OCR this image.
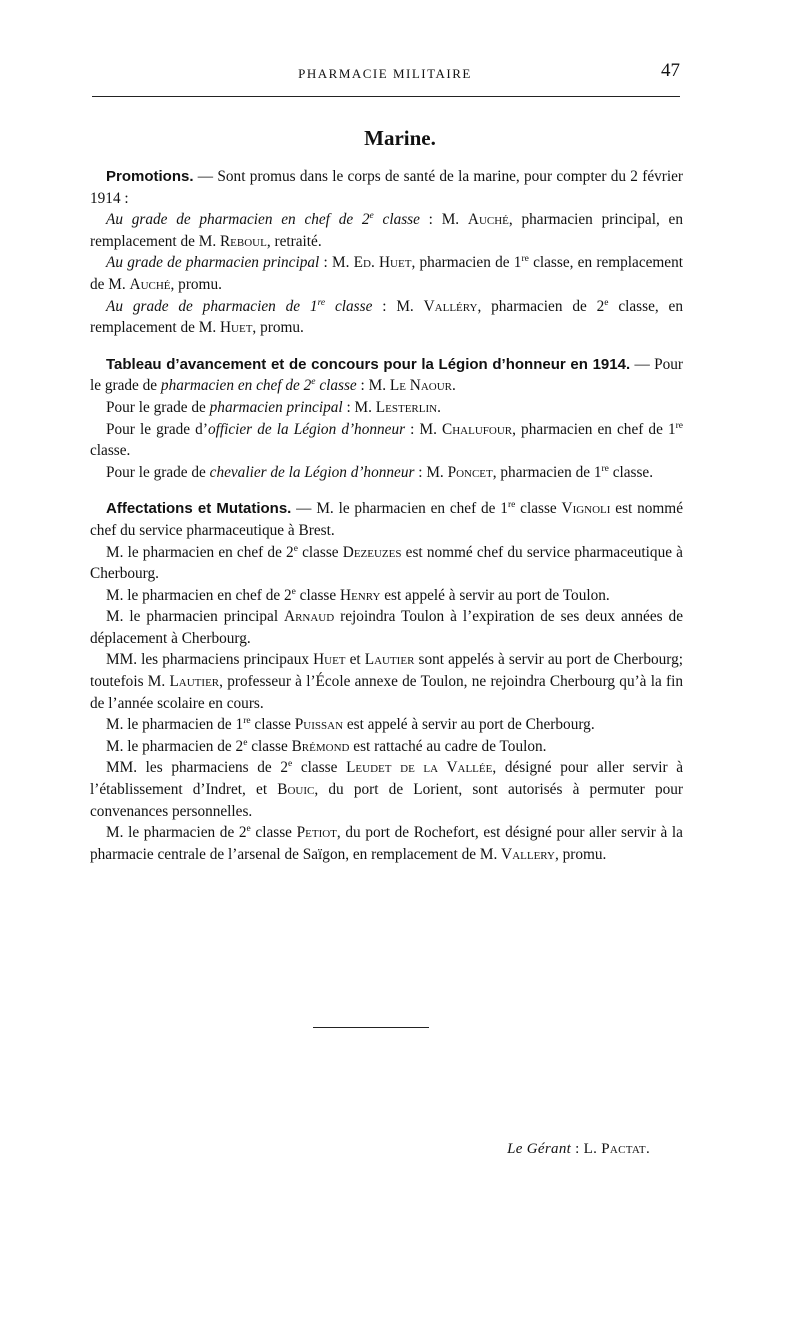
PHARMACIE MILITAIRE	47
Marine.

Promotions. — Sont promus dans le corps de santé de la marine, pour compter du 2 février 1914 :

Au grade de pharmacien en chef de 2e classe : M. Auché, pharmacien principal, en remplacement de M. Reboul, retraité.

Au grade de pharmacien principal : M. Ed. Huet, pharmacien de 1re classe, en remplacement de M. Auché, promu.

Au grade de pharmacien de 1re classe : M. Valléry, pharmacien de 2e classe, en remplacement de M. Huet, promu.

Tableau d’avancement et de concours pour la Légion d’honneur en 1914. — Pour le grade de pharmacien en chef de 2e classe : M. Le Naour.

Pour le grade de pharmacien principal : M. Lesterlin.

Pour le grade d’officier de la Légion d’honneur : M. Chalufour, pharmacien en chef de 1re classe.

Pour le grade de chevalier de la Légion d’honneur : M. Poncet, pharmacien de 1re classe.

Affectations et Mutations. — M. le pharmacien en chef de 1re classe Vignoli est nommé chef du service pharmaceutique à Brest.

M. le pharmacien en chef de 2e classe Dezeuzes est nommé chef du service pharmaceutique à Cherbourg.

M. le pharmacien en chef de 2e classe Henry est appelé à servir au port de Toulon.

M. le pharmacien principal Arnaud rejoindra Toulon à l’expiration de ses deux années de déplacement à Cherbourg.

MM. les pharmaciens principaux Huet et Lautier sont appelés à servir au port de Cherbourg; toutefois M. Lautier, professeur à l’École annexe de Toulon, ne rejoindra Cherbourg qu’à la fin de l’année scolaire en cours.

M. le pharmacien de 1re classe Puissan est appelé à servir au port de Cherbourg.

M. le pharmacien de 2e classe Brémond est rattaché au cadre de Toulon.

MM. les pharmaciens de 2e classe Leudet de la Vallée, désigné pour aller servir à l’établissement d’Indret, et Bouic, du port de Lorient, sont autorisés à permuter pour convenances personnelles.

M. le pharmacien de 2e classe Petiot, du port de Rochefort, est désigné pour aller servir à la pharmacie centrale de l’arsenal de Saïgon, en remplacement de M. Vallery, promu.

Le Gérant : L. Pactat.
